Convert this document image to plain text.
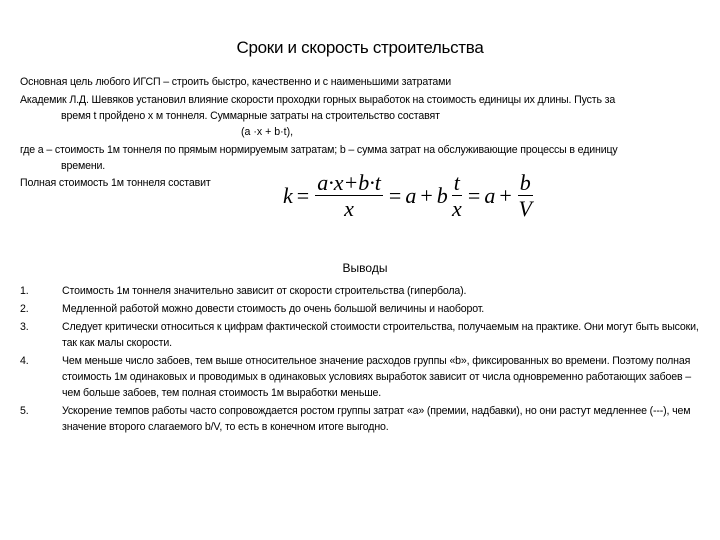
Сроки и скорость строительства
Основная цель любого ИГСП – строить быстро, качественно и с наименьшими затратами
Академик Л.Д. Шевяков установил влияние скорости проходки горных выработок на стоимость единицы их длины. Пусть за
время t пройдено x м тоннеля. Суммарные затраты на строительство составят
(a ·x + b·t),
где a – стоимость 1м тоннеля по прямым нормируемым затратам; b – сумма затрат на обслуживающие процессы в единицу
времени.
Полная стоимость 1м тоннеля составит	$k = \frac{a\cdot x+b\cdot t}{x} = a + b \frac{t}{x} = a + \frac{b}{V}$
Выводы
1.	Стоимость 1м тоннеля значительно зависит от скорости строительства (гипербола).
2.	Медленной работой можно довести стоимость до очень большой величины и наоборот.
3.	Следует критически относиться к цифрам фактической стоимости строительства, получаемым на практике. Они могут быть высоки, так как малы скорости.
4.	Чем меньше число забоев, тем выше относительное значение расходов группы «b», фиксированных во времени. Поэтому полная стоимость 1м одинаковых и проводимых в одинаковых условиях выработок зависит от числа одновременно работающих забоев – чем больше забоев, тем полная стоимость 1м выработки меньше.
5.	Ускорение темпов работы часто сопровождается ростом группы затрат «a» (премии, надбавки), но они растут медленнее (---), чем значение второго слагаемого b/V, то есть в конечном итоге выгодно.
